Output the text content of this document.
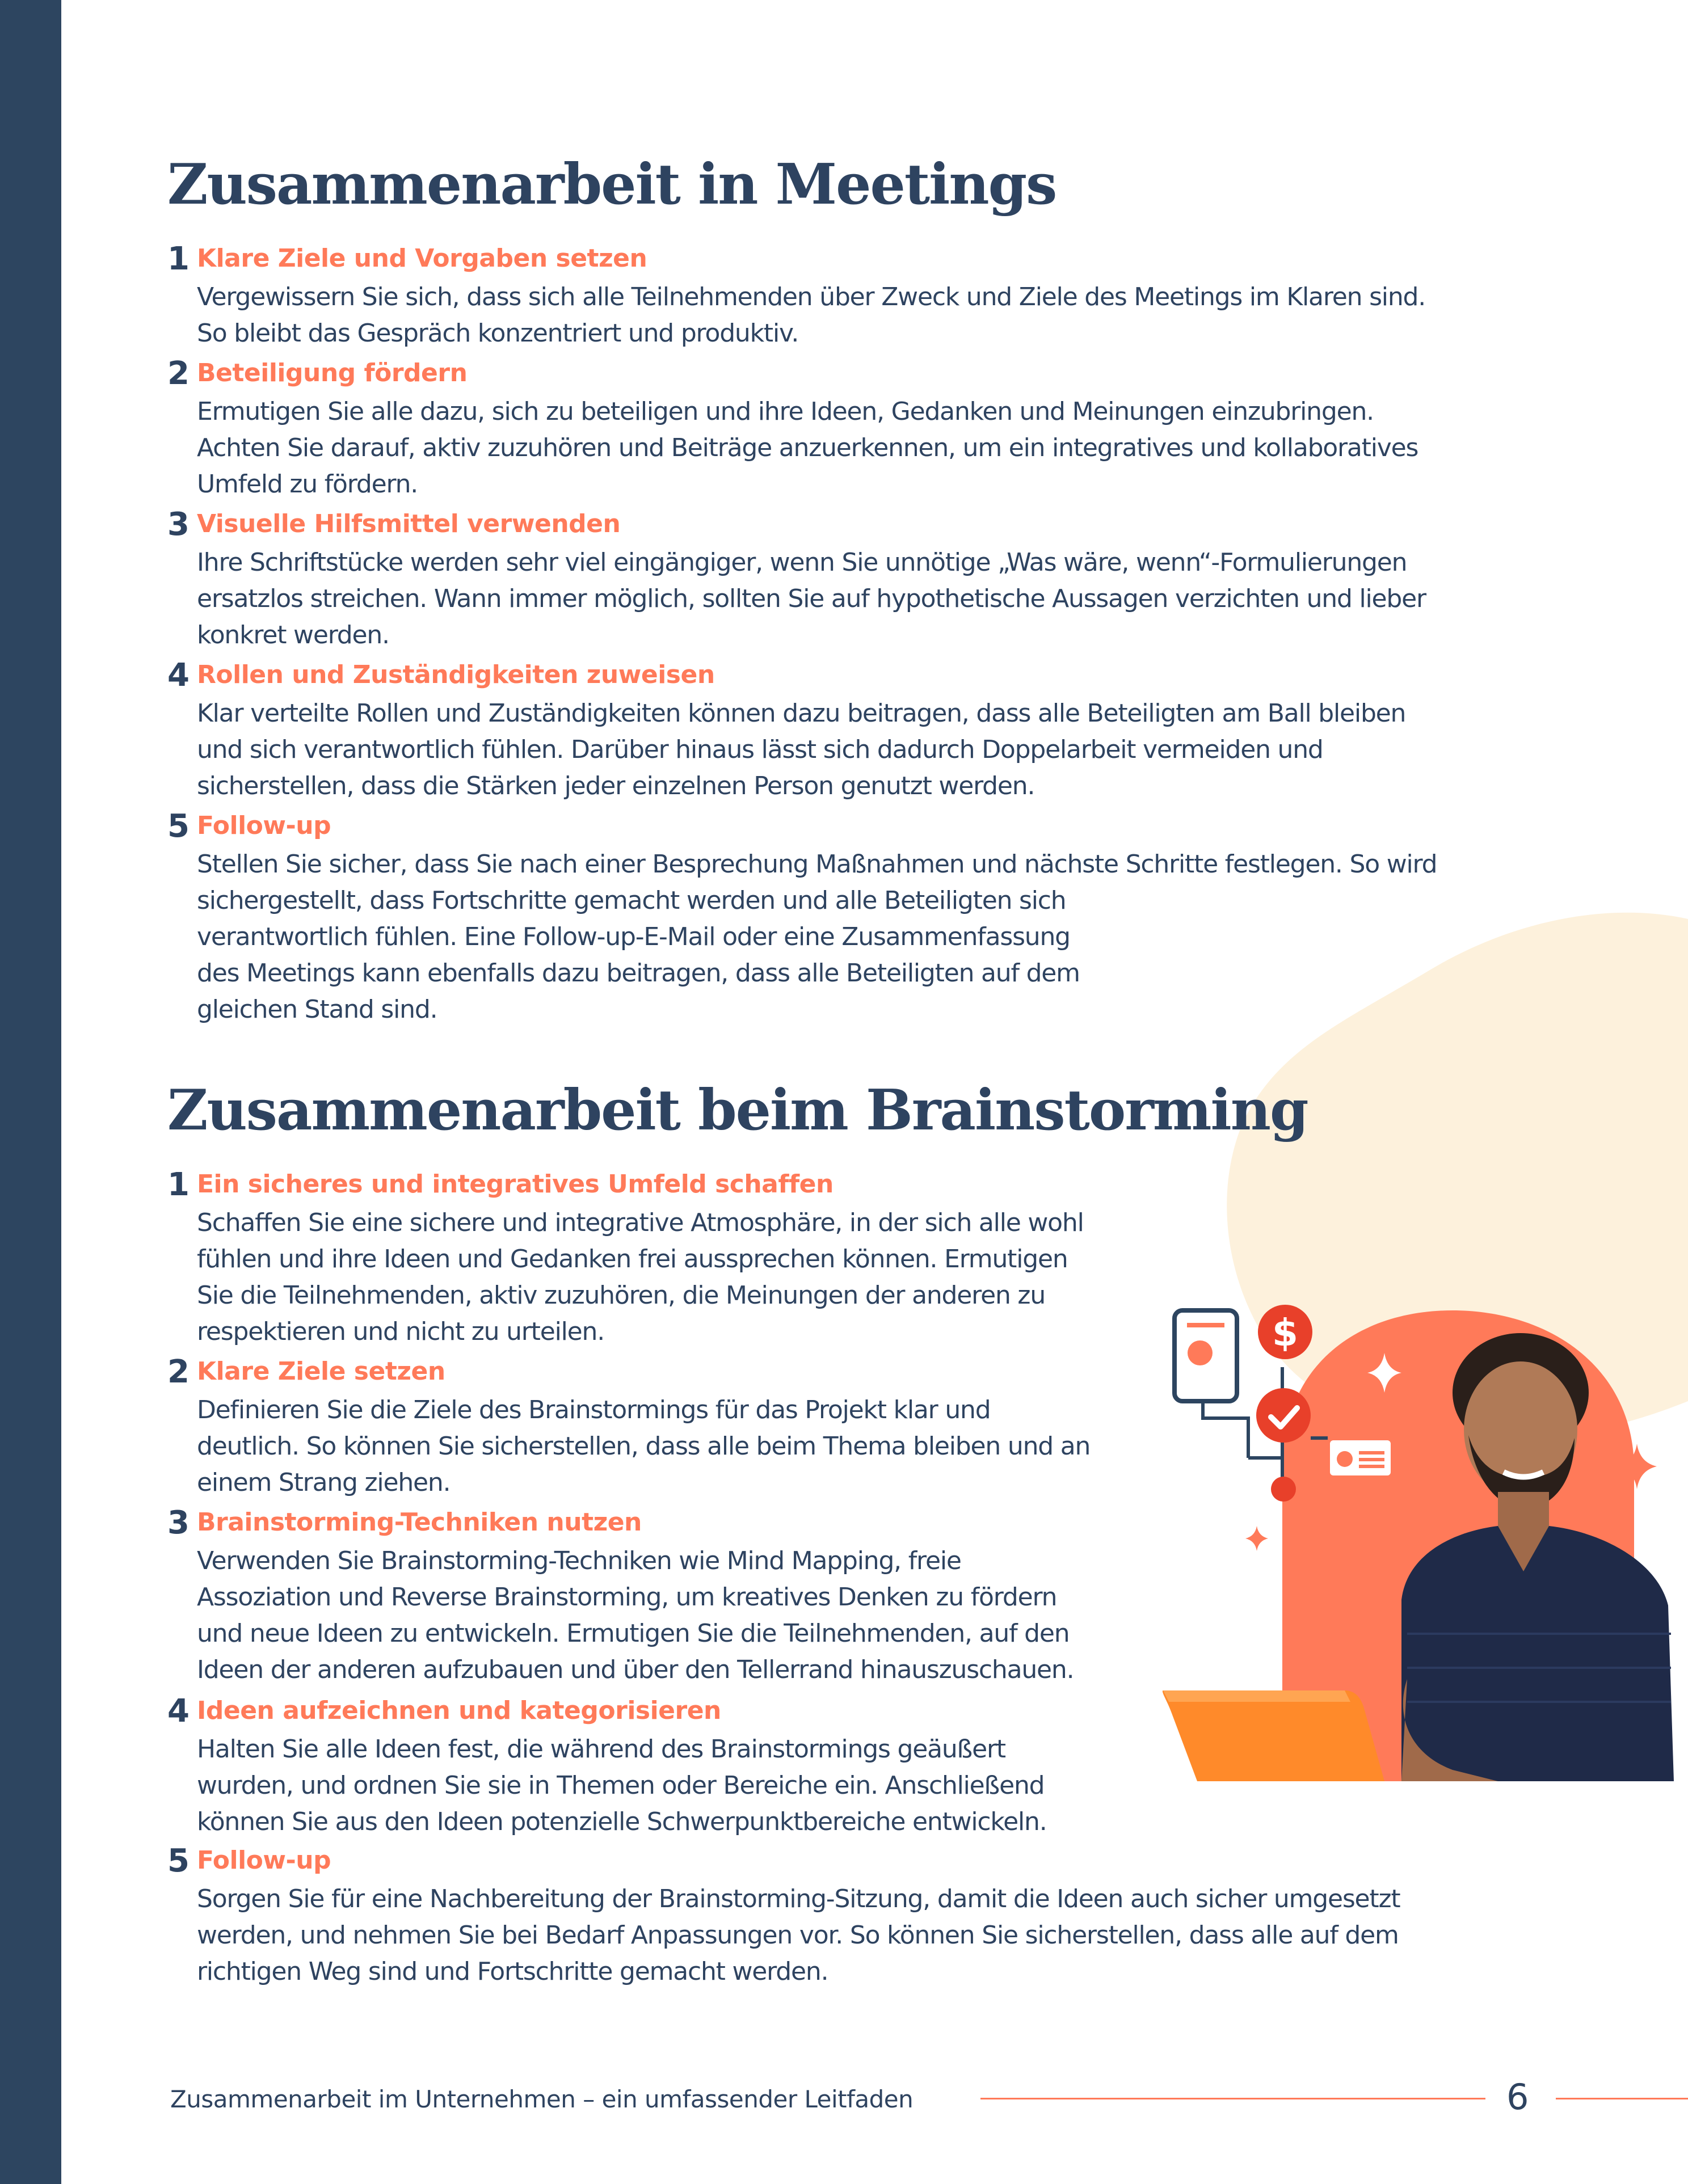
Zusammenarbeit in Meetings
1 Klare Ziele und Vorgaben setzen
Vergewissern Sie sich, dass sich alle Teilnehmenden über Zweck und Ziele des Meetings im Klaren sind.
So bleibt das Gespräch konzentriert und produktiv.
2 Beteiligung fördern
Ermutigen Sie alle dazu, sich zu beteiligen und ihre Ideen, Gedanken und Meinungen einzubringen.
Achten Sie darauf, aktiv zuzuhören und Beiträge anzuerkennen, um ein integratives und kollaboratives
Umfeld zu fördern.
3 Visuelle Hilfsmittel verwenden
Ihre Schriftstücke werden sehr viel eingängiger, wenn Sie unnötige „Was wäre, wenn“-Formulierungen
ersatzlos streichen. Wann immer möglich, sollten Sie auf hypothetische Aussagen verzichten und lieber
konkret werden.
4 Rollen und Zuständigkeiten zuweisen
Klar verteilte Rollen und Zuständigkeiten können dazu beitragen, dass alle Beteiligten am Ball bleiben
und sich verantwortlich fühlen. Darüber hinaus lässt sich dadurch Doppelarbeit vermeiden und
sicherstellen, dass die Stärken jeder einzelnen Person genutzt werden.
5 Follow-up
Stellen Sie sicher, dass Sie nach einer Besprechung Maßnahmen und nächste Schritte festlegen. So wird
sichergestellt, dass Fortschritte gemacht werden und alle Beteiligten sich
verantwortlich fühlen. Eine Follow-up-E-Mail oder eine Zusammenfassung
des Meetings kann ebenfalls dazu beitragen, dass alle Beteiligten auf dem
gleichen Stand sind.
Zusammenarbeit beim Brainstorming
1 Ein sicheres und integratives Umfeld schaffen
Schaffen Sie eine sichere und integrative Atmosphäre, in der sich alle wohl
fühlen und ihre Ideen und Gedanken frei aussprechen können. Ermutigen
Sie die Teilnehmenden, aktiv zuzuhören, die Meinungen der anderen zu
respektieren und nicht zu urteilen.
2 Klare Ziele setzen
Definieren Sie die Ziele des Brainstormings für das Projekt klar und
deutlich. So können Sie sicherstellen, dass alle beim Thema bleiben und an
einem Strang ziehen.
3 Brainstorming-Techniken nutzen
Verwenden Sie Brainstorming-Techniken wie Mind Mapping, freie
Assoziation und Reverse Brainstorming, um kreatives Denken zu fördern
und neue Ideen zu entwickeln. Ermutigen Sie die Teilnehmenden, auf den
Ideen der anderen aufzubauen und über den Tellerrand hinauszuschauen.
4 Ideen aufzeichnen und kategorisieren
Halten Sie alle Ideen fest, die während des Brainstormings geäußert
wurden, und ordnen Sie sie in Themen oder Bereiche ein. Anschließend
können Sie aus den Ideen potenzielle Schwerpunktbereiche entwickeln.
5 Follow-up
Sorgen Sie für eine Nachbereitung der Brainstorming-Sitzung, damit die Ideen auch sicher umgesetzt
werden, und nehmen Sie bei Bedarf Anpassungen vor. So können Sie sicherstellen, dass alle auf dem
richtigen Weg sind und Fortschritte gemacht werden.
$
Zusammenarbeit im Unternehmen – ein umfassender Leitfaden	6
